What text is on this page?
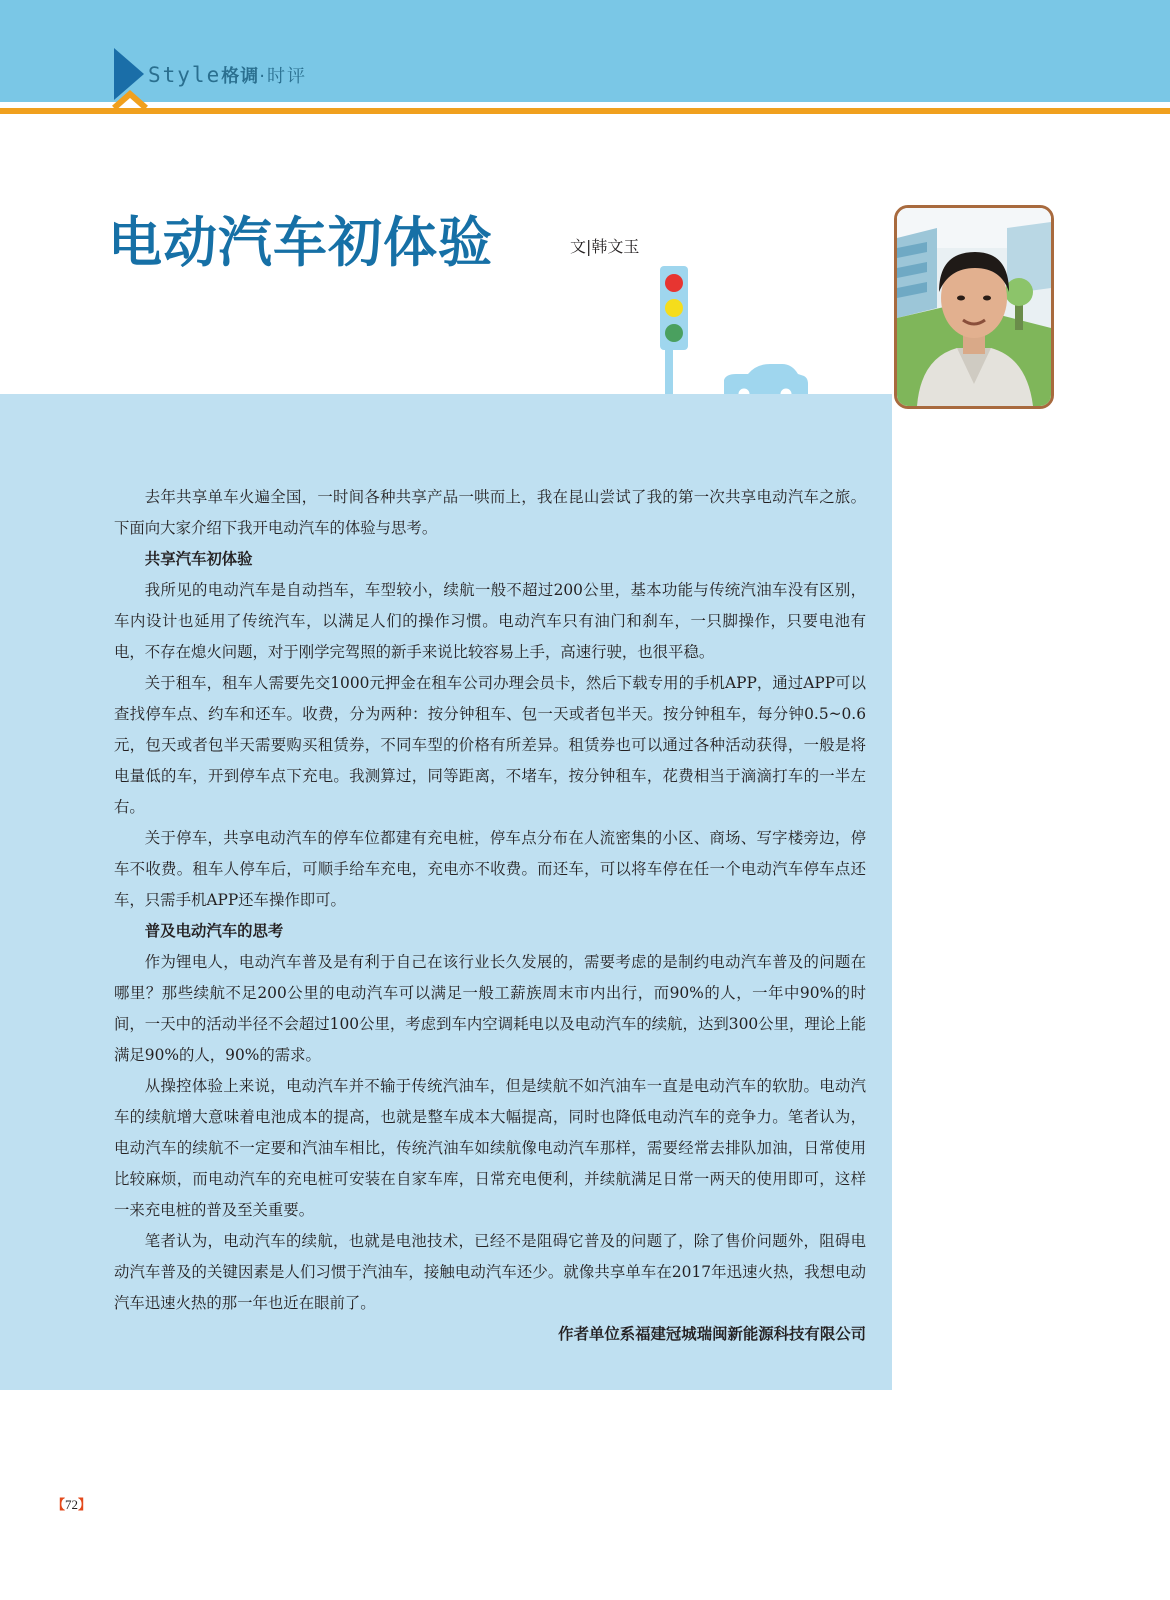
Style格调·时评
电动汽车初体验	文|韩文玉

去年共享单车火遍全国，一时间各种共享产品一哄而上，我在昆山尝试了我的第一次共享电动汽车之旅。下面向大家介绍下我开电动汽车的体验与思考。

共享汽车初体验

我所见的电动汽车是自动挡车，车型较小，续航一般不超过200公里，基本功能与传统汽油车没有区别，车内设计也延用了传统汽车，以满足人们的操作习惯。电动汽车只有油门和刹车，一只脚操作，只要电池有电，不存在熄火问题，对于刚学完驾照的新手来说比较容易上手，高速行驶，也很平稳。

关于租车，租车人需要先交1000元押金在租车公司办理会员卡，然后下载专用的手机APP，通过APP可以查找停车点、约车和还车。收费，分为两种：按分钟租车、包一天或者包半天。按分钟租车，每分钟0.5~0.6元，包天或者包半天需要购买租赁券，不同车型的价格有所差异。租赁券也可以通过各种活动获得，一般是将电量低的车，开到停车点下充电。我测算过，同等距离，不堵车，按分钟租车，花费相当于滴滴打车的一半左右。

关于停车，共享电动汽车的停车位都建有充电桩，停车点分布在人流密集的小区、商场、写字楼旁边，停车不收费。租车人停车后，可顺手给车充电，充电亦不收费。而还车，可以将车停在任一个电动汽车停车点还车，只需手机APP还车操作即可。

普及电动汽车的思考

作为锂电人，电动汽车普及是有利于自己在该行业长久发展的，需要考虑的是制约电动汽车普及的问题在哪里？那些续航不足200公里的电动汽车可以满足一般工薪族周末市内出行，而90%的人，一年中90%的时间，一天中的活动半径不会超过100公里，考虑到车内空调耗电以及电动汽车的续航，达到300公里，理论上能满足90%的人，90%的需求。

从操控体验上来说，电动汽车并不输于传统汽油车，但是续航不如汽油车一直是电动汽车的软肋。电动汽车的续航增大意味着电池成本的提高，也就是整车成本大幅提高，同时也降低电动汽车的竞争力。笔者认为，电动汽车的续航不一定要和汽油车相比，传统汽油车如续航像电动汽车那样，需要经常去排队加油，日常使用比较麻烦，而电动汽车的充电桩可安装在自家车库，日常充电便利，并续航满足日常一两天的使用即可，这样一来充电桩的普及至关重要。

笔者认为，电动汽车的续航，也就是电池技术，已经不是阻碍它普及的问题了，除了售价问题外，阻碍电动汽车普及的关键因素是人们习惯于汽油车，接触电动汽车还少。就像共享单车在2017年迅速火热，我想电动汽车迅速火热的那一年也近在眼前了。

作者单位系福建冠城瑞闽新能源科技有限公司

【72】
